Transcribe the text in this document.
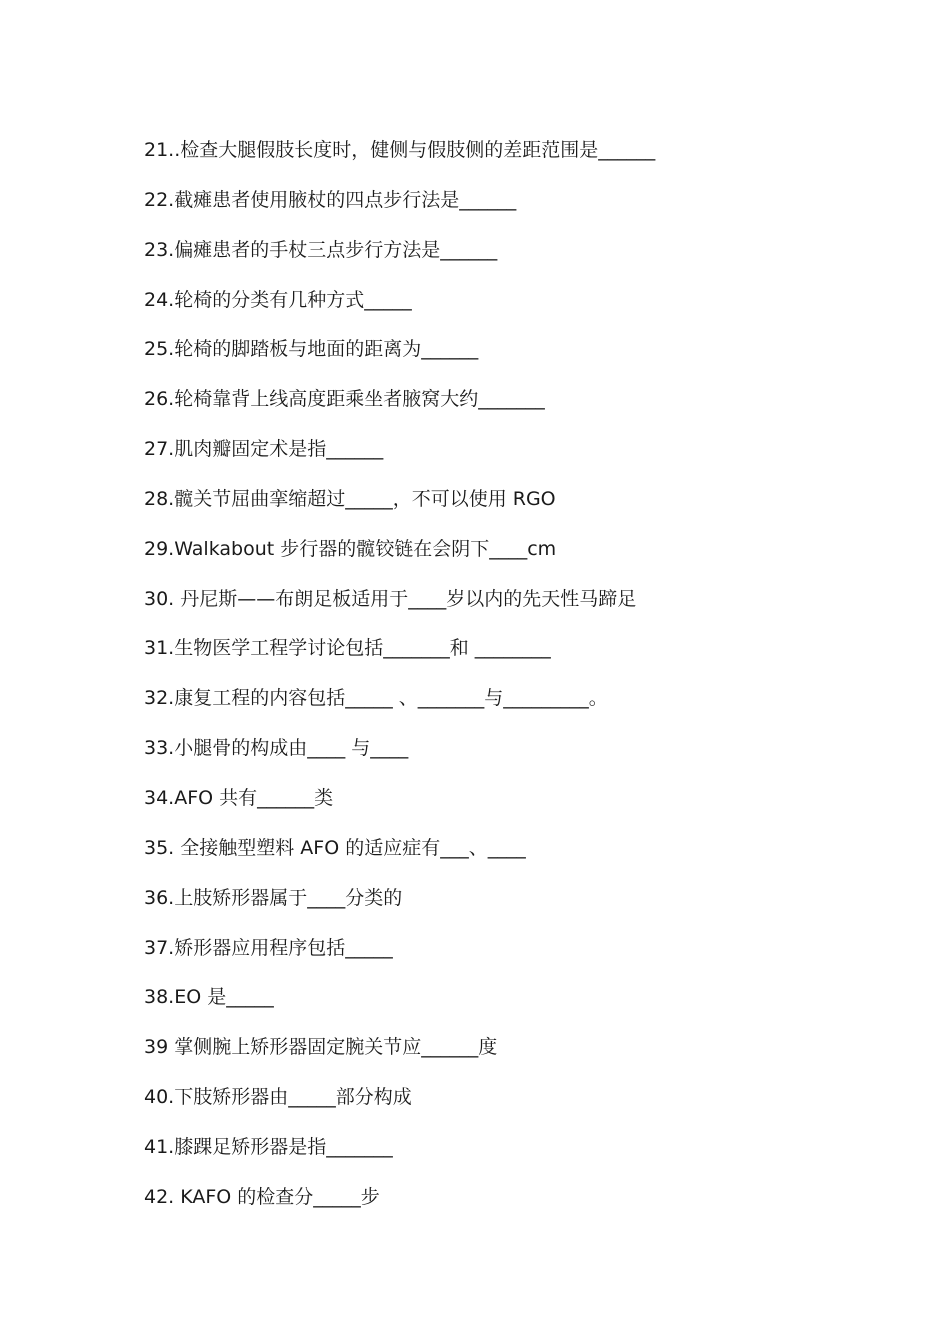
21..检查大腿假肢长度时，健侧与假肢侧的差距范围是______
22.截瘫患者使用腋杖的四点步行法是______
23.偏瘫患者的手杖三点步行方法是______
24.轮椅的分类有几种方式_____
25.轮椅的脚踏板与地面的距离为______
26.轮椅靠背上线高度距乘坐者腋窝大约_______
27.肌肉瓣固定术是指______
28.髋关节屈曲挛缩超过_____，不可以使用 RGO
29.Walkabout 步行器的髋铰链在会阴下____cm
30. 丹尼斯——布朗足板适用于____岁以内的先天性马蹄足
31.生物医学工程学讨论包括_______和 ________
32.康复工程的内容包括_____ 、_______与_________。
33.小腿骨的构成由____ 与____
34.AFO 共有______类
35. 全接触型塑料 AFO 的适应症有___、____
36.上肢矫形器属于____分类的
37.矫形器应用程序包括_____
38.EO 是_____
39 掌侧腕上矫形器固定腕关节应______度
40.下肢矫形器由_____部分构成
41.膝踝足矫形器是指_______
42. KAFO 的检查分_____步
